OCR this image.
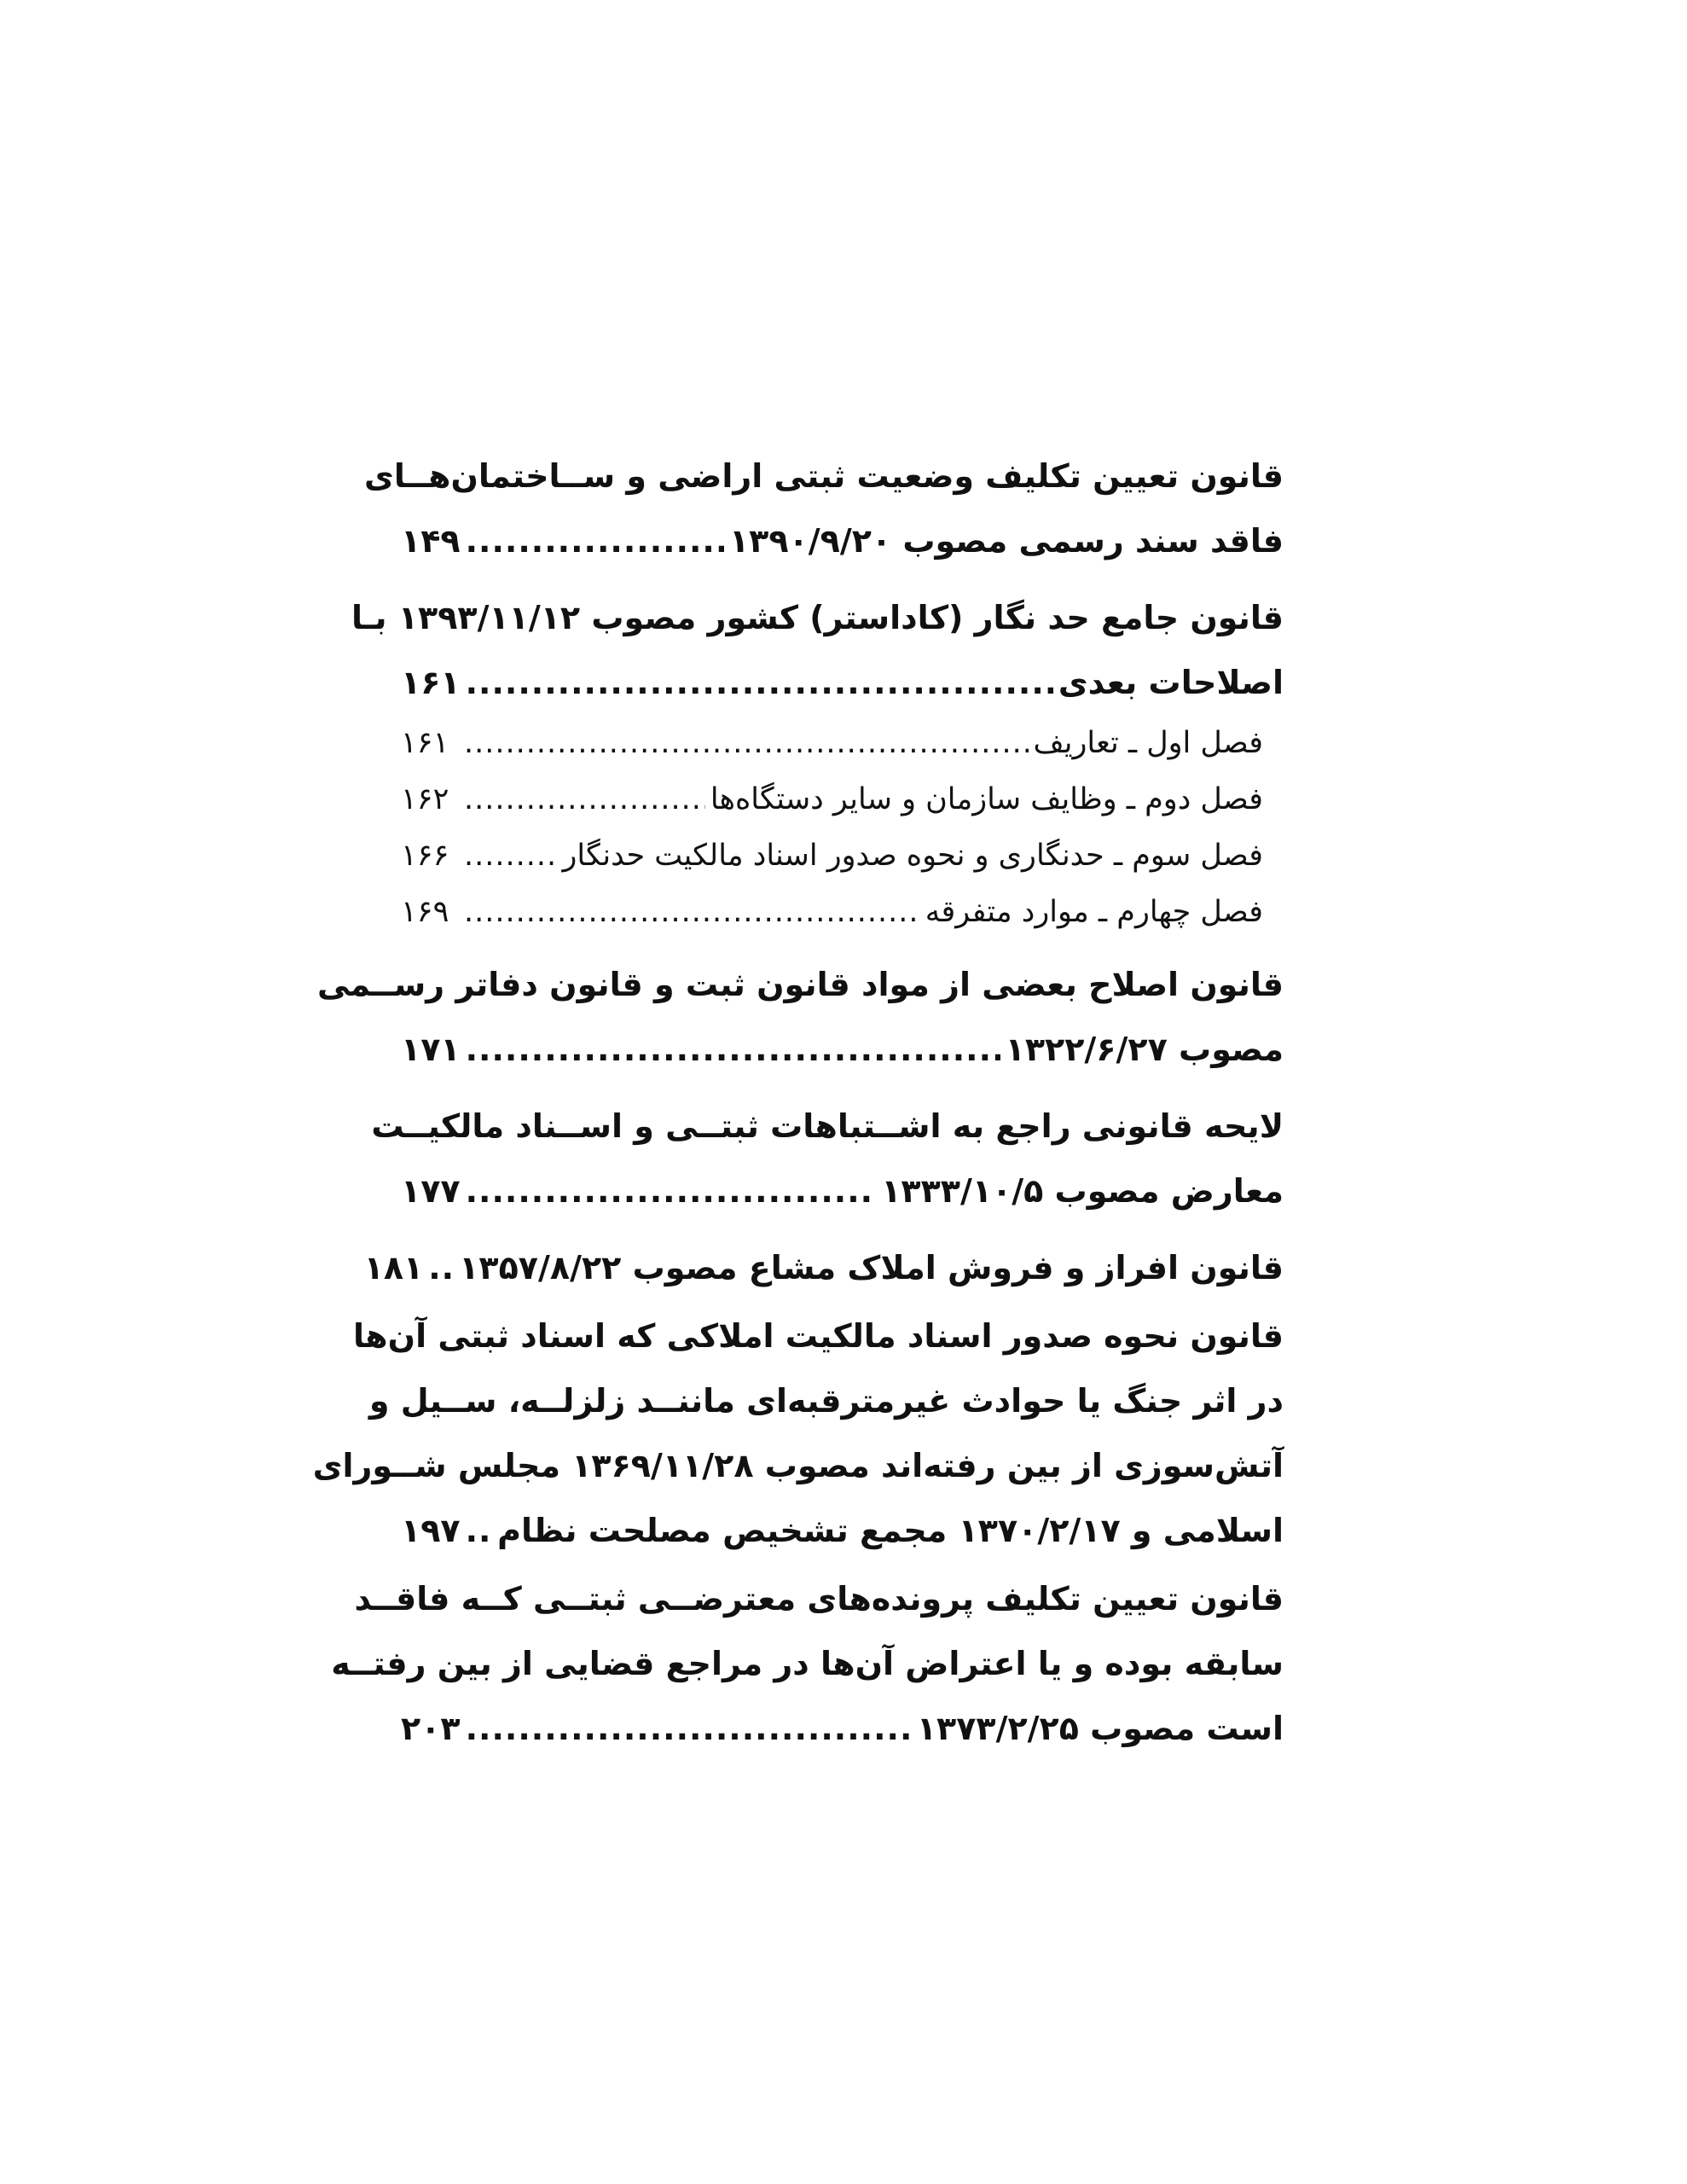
قانون تعیین تکلیف وضعیت ثبتی اراضی و ســاختمان‌هــای
فاقد سند رسمی مصوب ۱۳۹۰/۹/۲۰
.....
۱۴۹
قانون جامع حد نگار (کاداستر) کشور مصوب ۱۳۹۳/۱۱/۱۲ بـا
اصلاحات بعدی
.....
۱۶۱
فصل اول ـ تعاریف
.....
۱۶۱
فصل دوم ـ وظایف سازمان و سایر دستگاه‌ها
.....
۱۶۲
فصل سوم ـ حدنگاری و نحوه صدور اسناد مالکیت حدنگار
.....
۱۶۶
فصل چهارم ـ موارد متفرقه
.....
۱۶۹
قانون اصلاح بعضی از مواد قانون ثبت و قانون دفاتر رســمی
مصوب ۱۳۲۲/۶/۲۷
.....
۱۷۱
لایحه قانونی راجع به اشــتباهات ثبتــی و اســناد مالکیــت
معارض مصوب ۱۳۳۳/۱۰/۵
.....
۱۷۷
قانون افراز و فروش املاک مشاع مصوب ۱۳۵۷/۸/۲۲
.....
۱۸۱
قانون نحوه صدور اسناد مالکیت املاکی که اسناد ثبتی آن‌ها
در اثر جنگ یا حوادث غیرمترقبه‌ای ماننــد زلزلــه، ســیل و
آتش‌سوزی از بین رفته‌اند مصوب ۱۳۶۹/۱۱/۲۸ مجلس شــورای
اسلامی و ۱۳۷۰/۲/۱۷ مجمع تشخیص مصلحت نظام
.....
۱۹۷
قانون تعیین تکلیف پرونده‌های معترضــی ثبتــی کــه فاقــد
سابقه بوده و یا اعتراض آن‌ها در مراجع قضایی از بین رفتــه
است مصوب ۱۳۷۳/۲/۲۵
.....
۲۰۳
